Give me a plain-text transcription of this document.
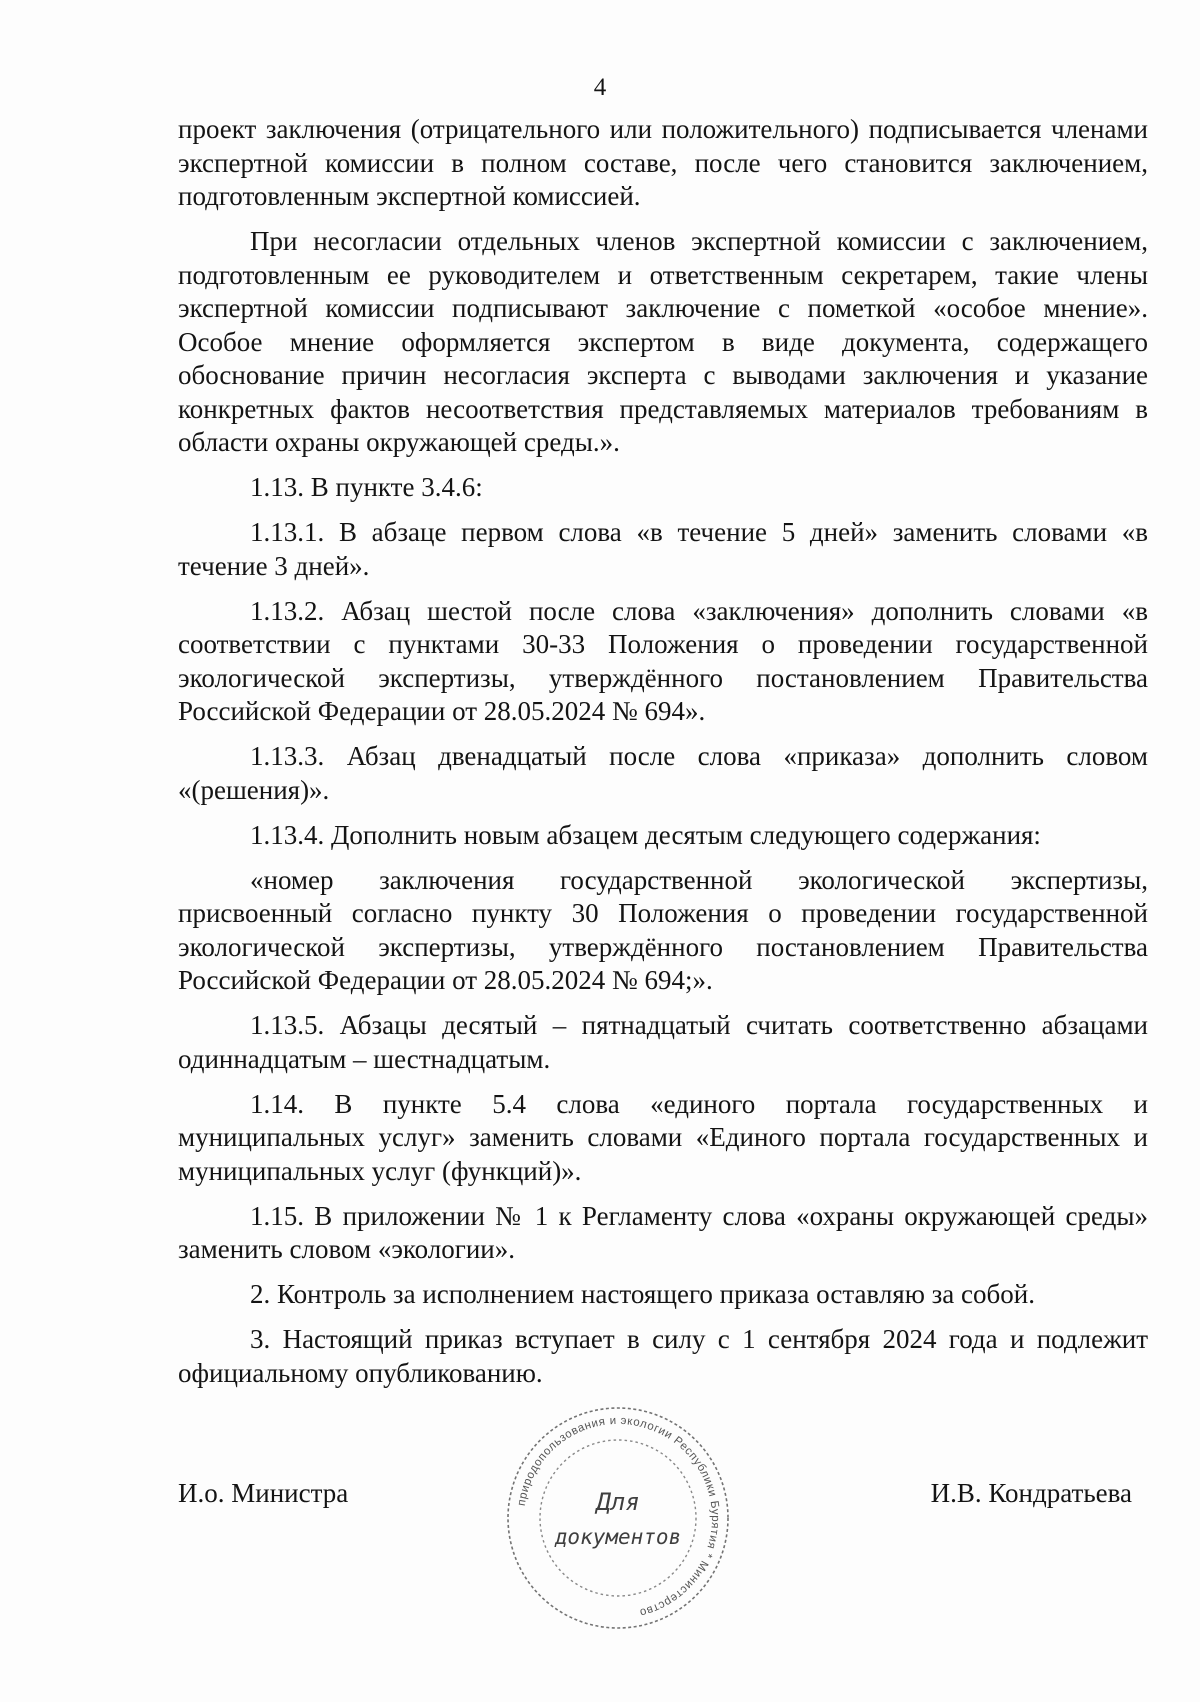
4

проект заключения (отрицательного или положительного) подписывается членами экспертной комиссии в полном составе, после чего становится заключением, подготовленным экспертной комиссией.

При несогласии отдельных членов экспертной комиссии с заключением, подготовленным ее руководителем и ответственным секретарем, такие члены экспертной комиссии подписывают заключение с пометкой «особое мнение». Особое мнение оформляется экспертом в виде документа, содержащего обоснование причин несогласия эксперта с выводами заключения и указание конкретных фактов несоответствия представляемых материалов требованиям в области охраны окружающей среды.».

1.13. В пункте 3.4.6:

1.13.1. В абзаце первом слова «в течение 5 дней» заменить словами «в течение 3 дней».

1.13.2. Абзац шестой после слова «заключения» дополнить словами «в соответствии с пунктами 30-33 Положения о проведении государственной экологической экспертизы, утверждённого постановлением Правительства Российской Федерации от 28.05.2024 № 694».

1.13.3. Абзац двенадцатый после слова «приказа» дополнить словом «(решения)».

1.13.4. Дополнить новым абзацем десятым следующего содержания:

«номер заключения государственной экологической экспертизы, присвоенный согласно пункту 30 Положения о проведении государственной экологической экспертизы, утверждённого постановлением Правительства Российской Федерации от 28.05.2024 № 694;».

1.13.5. Абзацы десятый – пятнадцатый считать соответственно абзацами одиннадцатым – шестнадцатым.

1.14. В пункте 5.4 слова «единого портала государственных и муниципальных услуг» заменить словами «Единого портала государственных и муниципальных услуг (функций)».

1.15. В приложении № 1 к Регламенту слова «охраны окружающей среды» заменить словом «экологии».

2. Контроль за исполнением настоящего приказа оставляю за собой.

3. Настоящий приказ вступает в силу с 1 сентября 2024 года и подлежит официальному опубликованию.

И.о. Министра	И.В. Кондратьева
природопользования и экологии Республики Бурятия * Министерство
Для
документов
